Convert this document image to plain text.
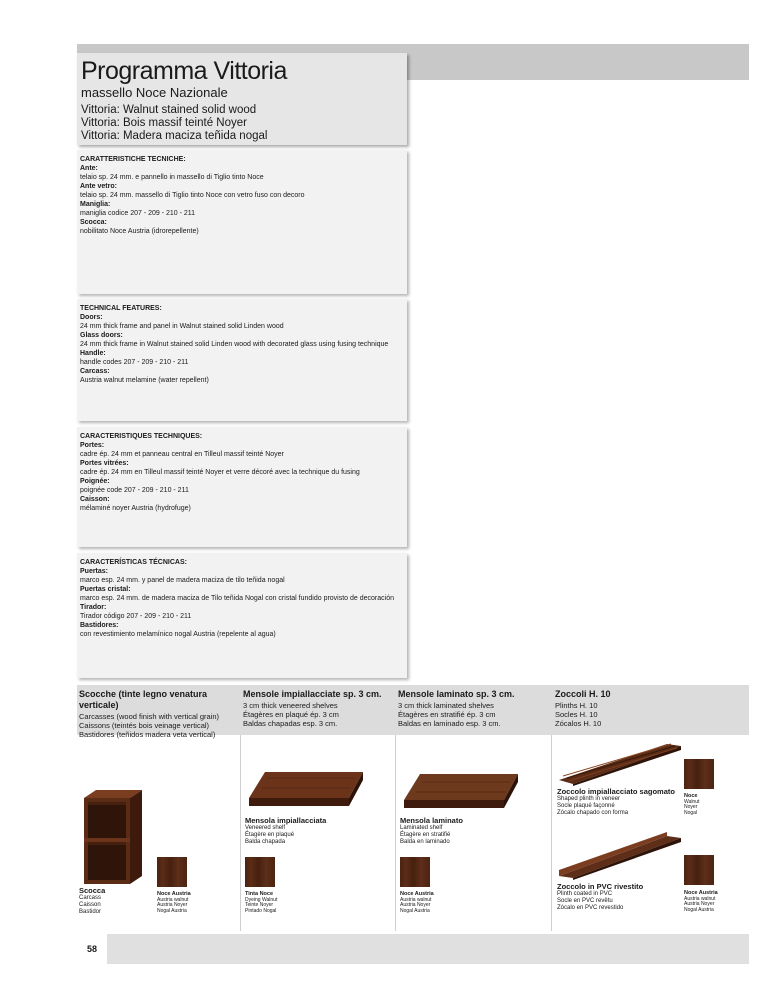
Programma Vittoria
massello Noce Nazionale
Vittoria: Walnut stained solid wood
Vittoria: Bois massif teinté Noyer
Vittoria: Madera maciza teñida nogal
CARATTERISTICHE TECNICHE:
Ante:
telaio sp. 24 mm. e pannello in massello di Tiglio tinto Noce
Ante vetro:
telaio sp. 24 mm. massello di Tiglio tinto Noce con vetro fuso con decoro
Maniglia:
maniglia codice 207 - 209 - 210 - 211
Scocca:
nobilitato Noce Austria (idrorepellente)
TECHNICAL FEATURES:
Doors:
24 mm thick frame and panel in Walnut stained solid Linden wood
Glass doors:
24 mm thick frame in Walnut stained solid Linden wood with decorated glass using fusing technique
Handle:
handle codes 207 - 209 - 210 - 211
Carcass:
Austria walnut melamine (water repellent)
CARACTERISTIQUES TECHNIQUES:
Portes:
cadre ép. 24 mm et panneau central en Tilleul massif teinté Noyer
Portes vitrées:
cadre ép. 24 mm en Tilleul massif teinté Noyer et verre décoré avec la technique du fusing
Poignée:
poignée code 207 - 209 - 210 - 211
Caisson:
mélaminé noyer Austria (hydrofuge)
CARACTERÍSTICAS TÉCNICAS:
Puertas:
marco esp. 24 mm. y panel de madera maciza de tilo teñida nogal
Puertas cristal:
marco esp. 24 mm. de madera maciza de Tilo teñida Nogal con cristal fundido provisto de decoración
Tirador:
Tirador código 207 - 209 - 210 - 211
Bastidores:
con revestimiento melamínico nogal Austria (repelente al agua)
Scocche (tinte legno venatura verticale)
Carcasses (wood finish with vertical grain)
Caissons (teintés bois veinage vertical)
Bastidores (teñidos madera veta vertical)
Mensole impiallacciate sp. 3 cm.
3 cm thick veneered shelves
Étagères en plaqué ép. 3 cm
Baldas chapadas esp. 3 cm.
Mensole laminato sp. 3 cm.
3 cm thick laminated shelves
Étagères en stratifié ép. 3 cm
Baldas en laminado esp. 3 cm.
Zoccoli H. 10
Plinths H. 10
Socles H. 10
Zócalos H. 10
Scocca
Carcass
Caisson
Bastidor
Noce Austria
Austria walnut
Austria Noyer
Nogal Austria
Mensola impiallacciata
Veneered shelf
Étagère en plaqué
Balda chapada
Tinta Noce
Dyeing Walnut
Teinte Noyer
Pintado Nogal
Mensola laminato
Laminated shelf
Étagère en stratifié
Balda en laminado
Noce Austria
Austria walnut
Austria Noyer
Nogal Austria
Zoccolo impiallacciato sagomato
Shaped plinth in veneer
Socle plaqué façonné
Zócalo chapado con forma
Noce
Walnut
Noyer
Nogal
Zoccolo in PVC rivestito
Plinth coated in PVC
Socle en PVC revêtu
Zócalo en PVC revestido
Noce Austria
Austria walnut
Austria Noyer
Nogal Austria
58
